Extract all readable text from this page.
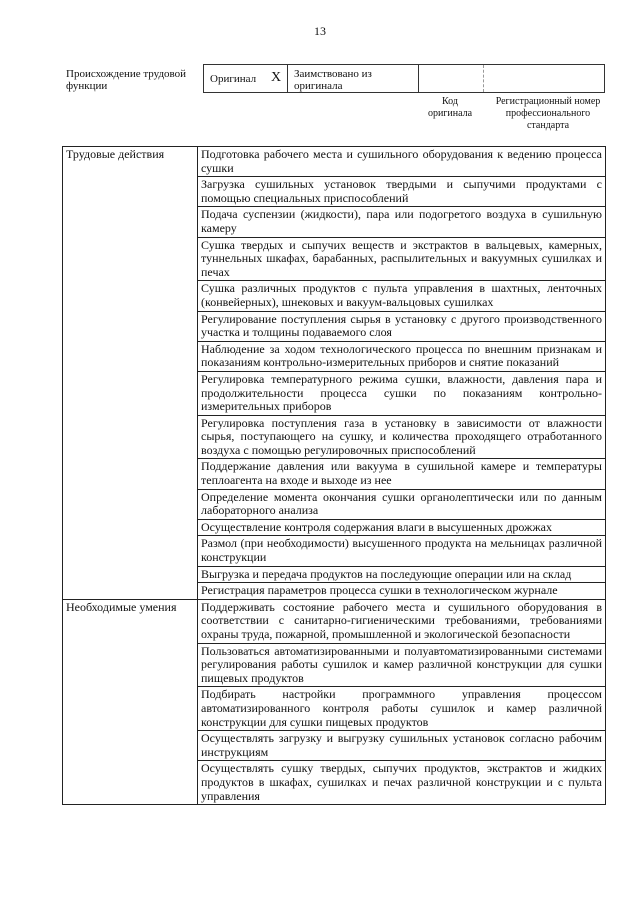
13
Происхождение трудовой функции
Оригинал X Заимствовано из оригинала
Код оригинала
Регистрационный номер профессионального стандарта
Трудовые действия	Подготовка рабочего места и сушильного оборудования к ведению процесса сушки
	Загрузка сушильных установок твердыми и сыпучими продуктами с помощью специальных приспособлений
	Подача суспензии (жидкости), пара или подогретого воздуха в сушильную камеру
	Сушка твердых и сыпучих веществ и экстрактов в вальцевых, камерных, туннельных шкафах, барабанных, распылительных и вакуумных сушилках и печах
	Сушка различных продуктов с пульта управления в шахтных, ленточных (конвейерных), шнековых и вакуум-вальцовых сушилках
	Регулирование поступления сырья в установку с другого производственного участка и толщины подаваемого слоя
	Наблюдение за ходом технологического процесса по внешним признакам и показаниям контрольно-измерительных приборов и снятие показаний
	Регулировка температурного режима сушки, влажности, давления пара и продолжительности процесса сушки по показаниям контрольно-измерительных приборов
	Регулировка поступления газа в установку в зависимости от влажности сырья, поступающего на сушку, и количества проходящего отработанного воздуха с помощью регулировочных приспособлений
	Поддержание давления или вакуума в сушильной камере и температуры теплоагента на входе и выходе из нее
	Определение момента окончания сушки органолептически или по данным лабораторного анализа
	Осуществление контроля содержания влаги в высушенных дрожжах
	Размол (при необходимости) высушенного продукта на мельницах различной конструкции
	Выгрузка и передача продуктов на последующие операции или на склад
	Регистрация параметров процесса сушки в технологическом журнале
Необходимые умения	Поддерживать состояние рабочего места и сушильного оборудования в соответствии с санитарно-гигиеническими требованиями, требованиями охраны труда, пожарной, промышленной и экологической безопасности
	Пользоваться автоматизированными и полуавтоматизированными системами регулирования работы сушилок и камер различной конструкции для сушки пищевых продуктов
	Подбирать настройки программного управления процессом автоматизированного контроля работы сушилок и камер различной конструкции для сушки пищевых продуктов
	Осуществлять загрузку и выгрузку сушильных установок согласно рабочим инструкциям
	Осуществлять сушку твердых, сыпучих продуктов, экстрактов и жидких продуктов в шкафах, сушилках и печах различной конструкции и с пульта управления
